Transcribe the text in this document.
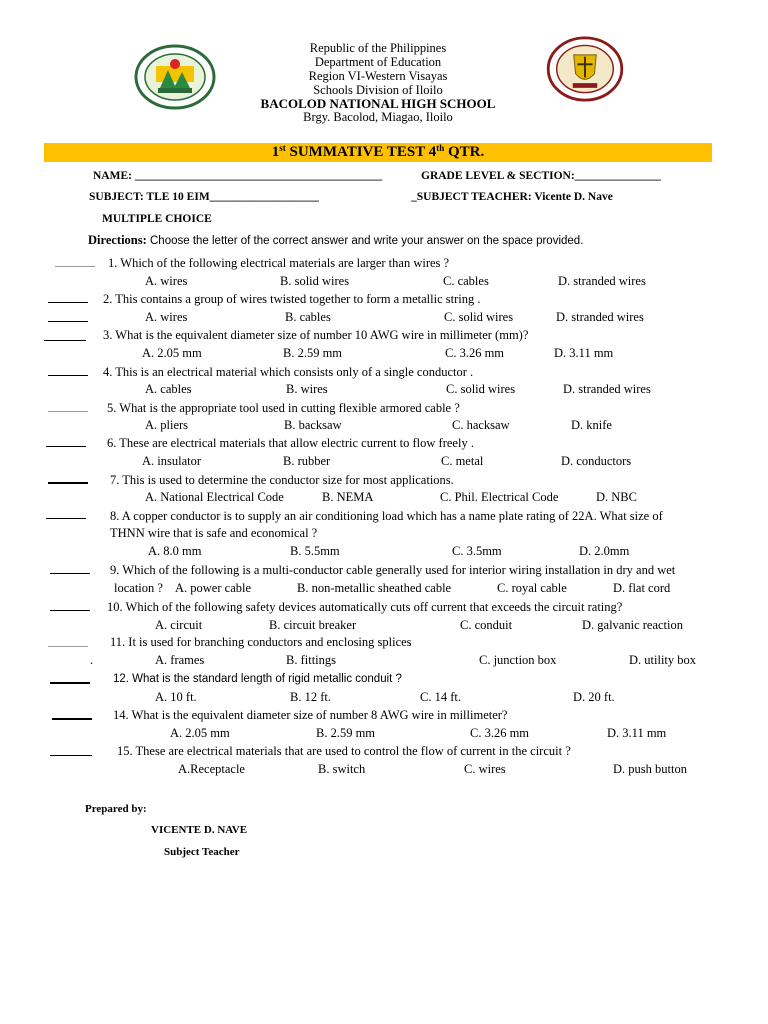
Republic of the Philippines
Department of Education
Region VI-Western Visayas
Schools Division of Iloilo
BACOLOD NATIONAL HIGH SCHOOL
Brgy. Bacolod, Miagao, Iloilo
1st SUMMATIVE TEST 4th QTR.
NAME: ___________________________________________	GRADE LEVEL & SECTION:_______________
SUBJECT: TLE 10 EIM___________________	_SUBJECT TEACHER: Vicente D. Nave
MULTIPLE CHOICE
Directions: Choose the letter of the correct answer and write your answer on the space provided.
1. Which of the following electrical materials are larger than wires ?
A. wires	B. solid wires	C. cables	D. stranded wires
2. This contains a group of wires twisted together to form a metallic string .
A. wires	B. cables	C. solid wires	D. stranded wires
3. What is the equivalent diameter size of number 10 AWG wire in millimeter (mm)?
A. 2.05 mm	B. 2.59 mm	C. 3.26 mm	D. 3.11 mm
4. This is an electrical material which consists only of a single conductor .
A. cables	B. wires	C. solid wires	D. stranded wires
5. What is the appropriate tool used in cutting flexible armored cable ?
A. pliers	B. backsaw	C. hacksaw	D. knife
6. These are electrical materials that allow electric current to flow freely .
A. insulator	B. rubber	C. metal	D. conductors
7. This is used to determine the conductor size for most applications.
A. National Electrical Code	B. NEMA	C. Phil. Electrical Code	D. NBC
8. A copper conductor is to supply an air conditioning load which has a name plate rating of 22A. What size of
THNN wire that is safe and economical ?
A. 8.0 mm	B. 5.5mm	C. 3.5mm	D. 2.0mm
9. Which of the following is a multi-conductor cable generally used for interior wiring installation in dry and wet
location ? A. power cable	B. non-metallic sheathed cable	C. royal cable	D. flat cord
10. Which of the following safety devices automatically cuts off current that exceeds the circuit rating?
A. circuit	B. circuit breaker	C. conduit	D. galvanic reaction
11. It is used for branching conductors and enclosing splices
.	A. frames	B. fittings	C. junction box	D. utility box
12. What is the standard length of rigid metallic conduit ?
A. 10 ft.	B. 12 ft.	C. 14 ft.	D. 20 ft.
14. What is the equivalent diameter size of number 8 AWG wire in millimeter?
A. 2.05 mm	B. 2.59 mm	C. 3.26 mm	D. 3.11 mm
15. These are electrical materials that are used to control the flow of current in the circuit ?
A.Receptacle	B. switch	C. wires	D. push button
Prepared by:
VICENTE D. NAVE
Subject Teacher
